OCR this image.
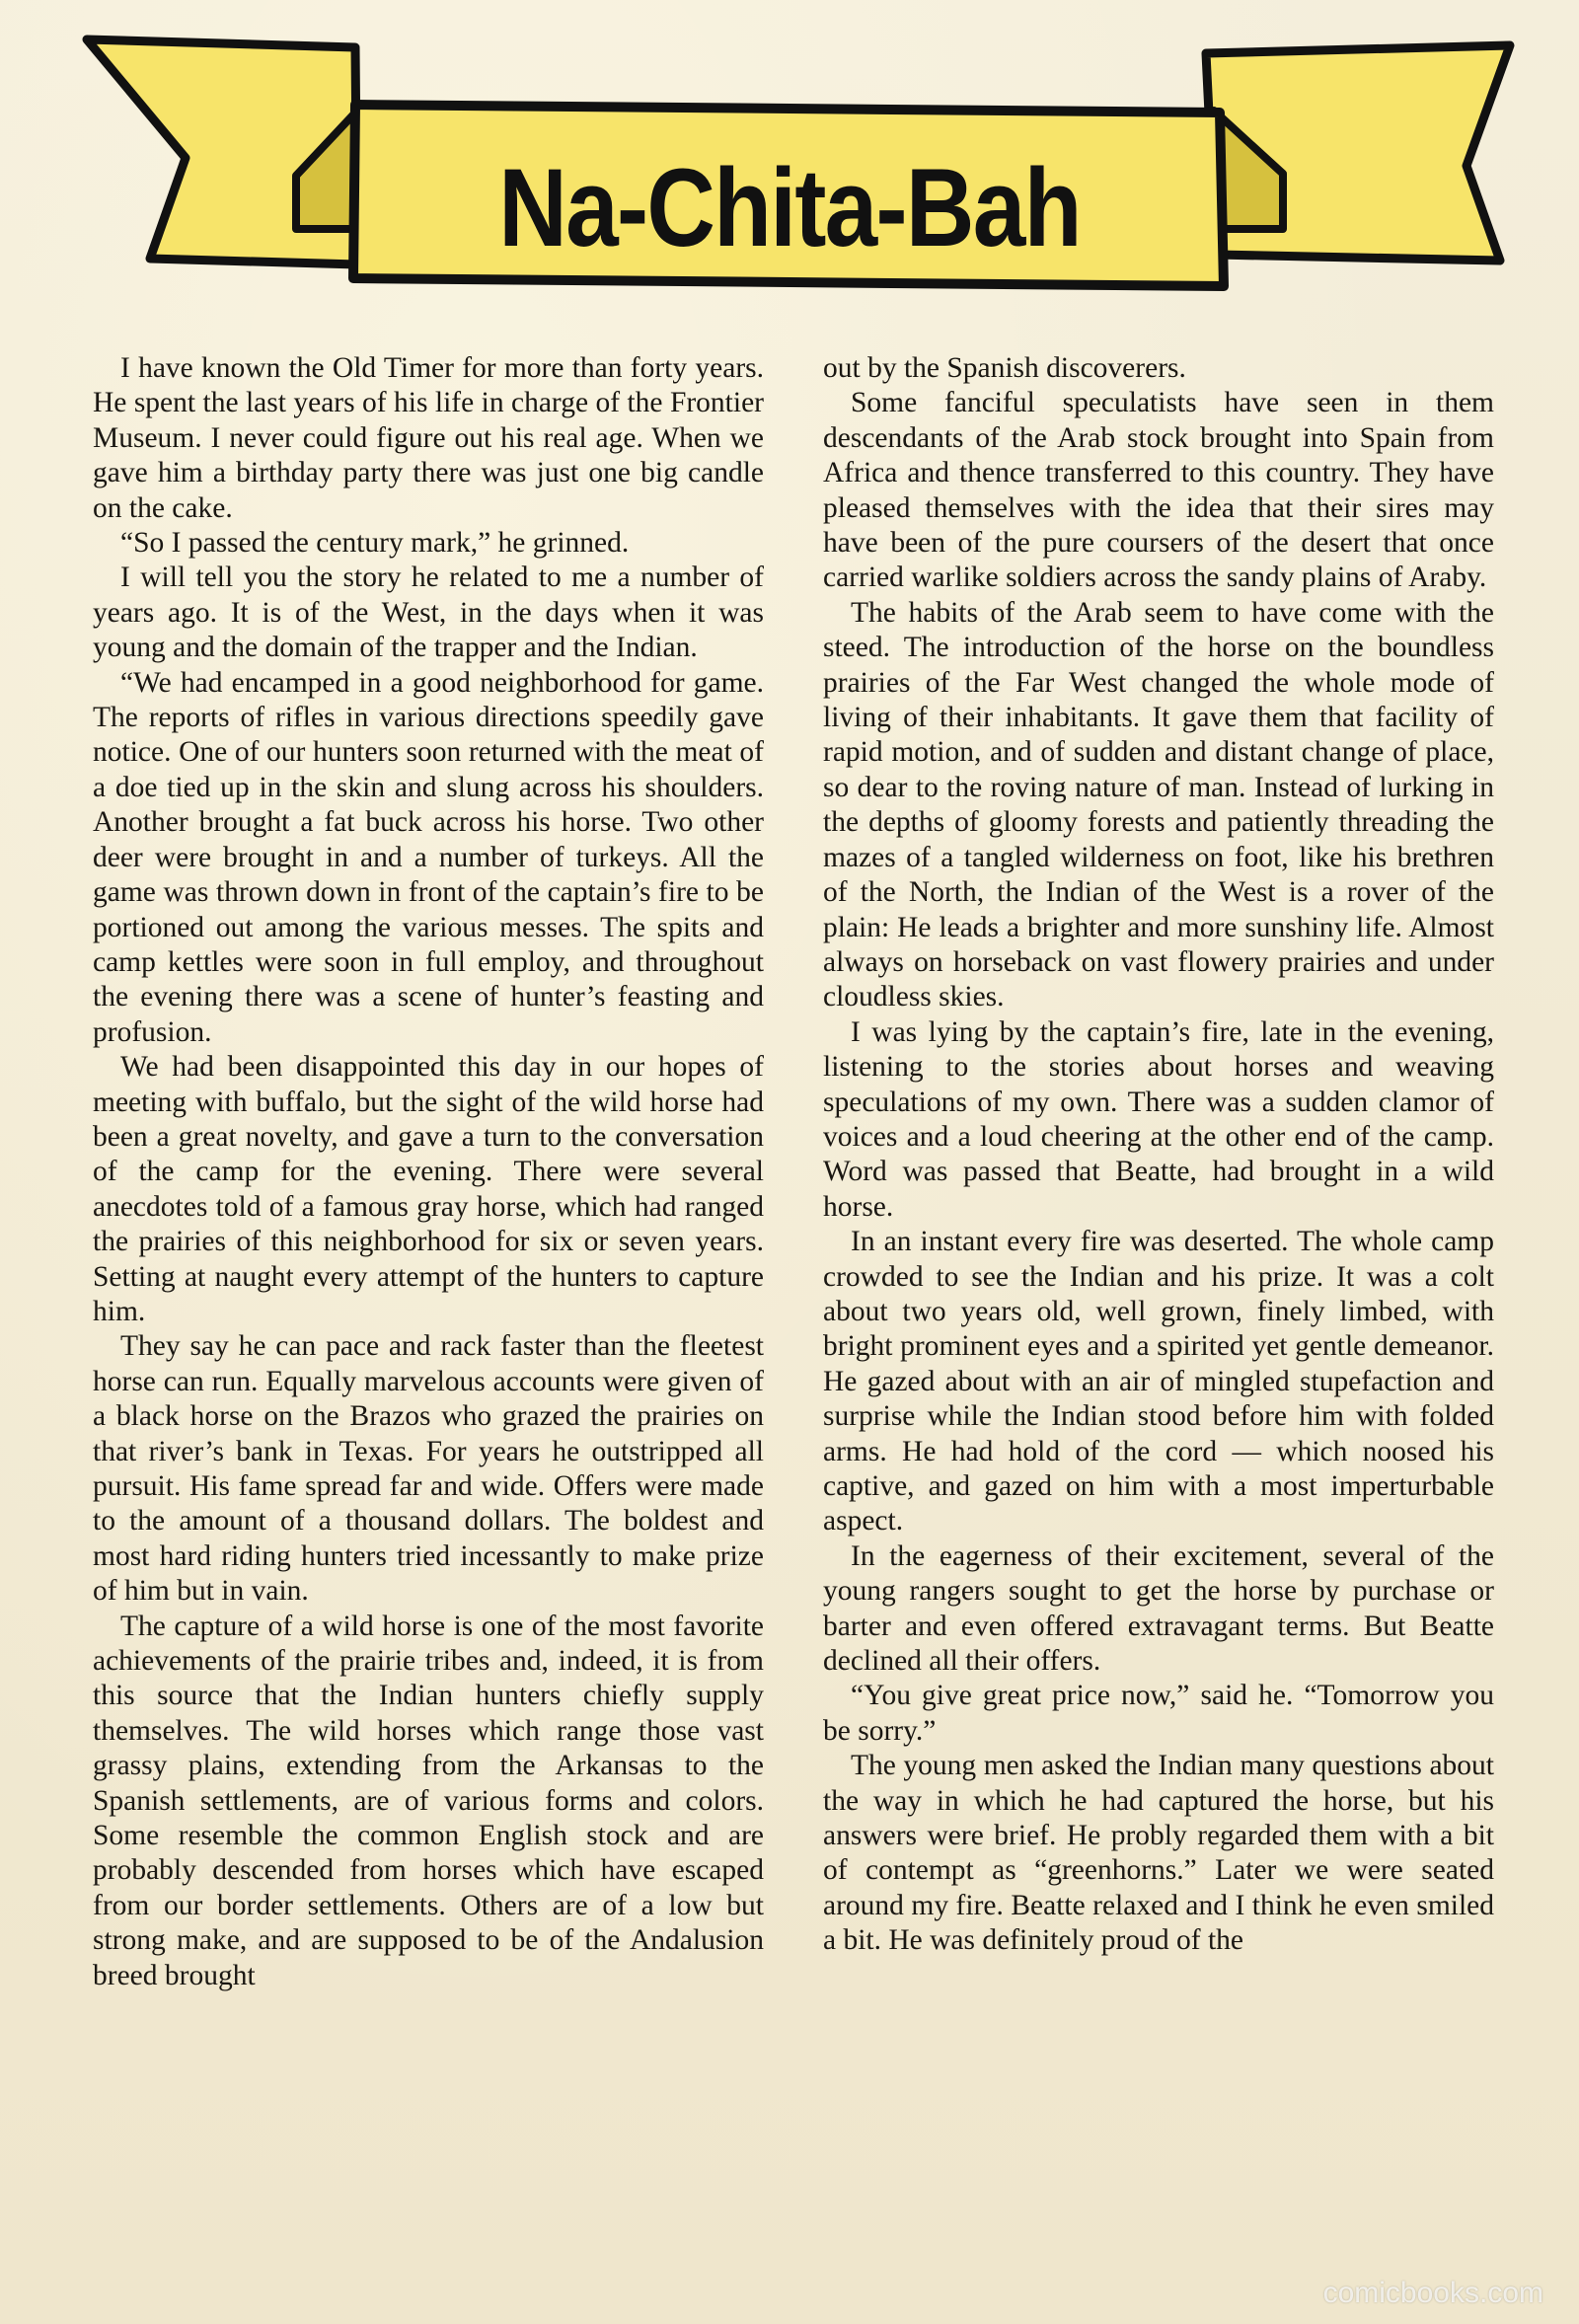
Na-Chita-Bah

I have known the Old Timer for more than forty years. He spent the last years of his life in charge of the Frontier Museum. I never could figure out his real age. When we gave him a birthday party there was just one big candle on the cake.

“So I passed the century mark,” he grinned.

I will tell you the story he related to me a number of years ago. It is of the West, in the days when it was young and the domain of the trapper and the Indian.

“We had encamped in a good neighborhood for game. The reports of rifles in various directions speedily gave notice. One of our hunters soon returned with the meat of a doe tied up in the skin and slung across his shoulders. Another brought a fat buck across his horse. Two other deer were brought in and a number of turkeys. All the game was thrown down in front of the captain’s fire to be portioned out among the various messes. The spits and camp kettles were soon in full employ, and throughout the evening there was a scene of hunter’s feasting and profusion.

We had been disappointed this day in our hopes of meeting with buffalo, but the sight of the wild horse had been a great novelty, and gave a turn to the conversation of the camp for the evening. There were several anecdotes told of a famous gray horse, which had ranged the prairies of this neighborhood for six or seven years. Setting at naught every attempt of the hunters to capture him.

They say he can pace and rack faster than the fleetest horse can run. Equally marvelous accounts were given of a black horse on the Brazos who grazed the prairies on that river’s bank in Texas. For years he outstripped all pursuit. His fame spread far and wide. Offers were made to the amount of a thousand dollars. The boldest and most hard riding hunters tried incessantly to make prize of him but in vain.

The capture of a wild horse is one of the most favorite achievements of the prairie tribes and, indeed, it is from this source that the Indian hunters chiefly supply themselves. The wild horses which range those vast grassy plains, extending from the Arkansas to the Spanish settlements, are of various forms and colors. Some resemble the common English stock and are probably descended from horses which have escaped from our border settlements. Others are of a low but strong make, and are supposed to be of the Andalusion breed brought

out by the Spanish discoverers.

Some fanciful speculatists have seen in them descendants of the Arab stock brought into Spain from Africa and thence transferred to this country. They have pleased themselves with the idea that their sires may have been of the pure coursers of the desert that once carried warlike soldiers across the sandy plains of Araby.

The habits of the Arab seem to have come with the steed. The introduction of the horse on the boundless prairies of the Far West changed the whole mode of living of their inhabitants. It gave them that facility of rapid motion, and of sudden and distant change of place, so dear to the roving nature of man. Instead of lurking in the depths of gloomy forests and patiently threading the mazes of a tangled wilderness on foot, like his brethren of the North, the Indian of the West is a rover of the plain: He leads a brighter and more sunshiny life. Almost always on horseback on vast flowery prairies and under cloudless skies.

I was lying by the captain’s fire, late in the evening, listening to the stories about horses and weaving speculations of my own. There was a sudden clamor of voices and a loud cheering at the other end of the camp. Word was passed that Beatte, had brought in a wild horse.

In an instant every fire was deserted. The whole camp crowded to see the Indian and his prize. It was a colt about two years old, well grown, finely limbed, with bright prominent eyes and a spirited yet gentle demeanor. He gazed about with an air of mingled stupefaction and surprise while the Indian stood before him with folded arms. He had hold of the cord — which noosed his captive, and gazed on him with a most imperturbable aspect.

In the eagerness of their excitement, several of the young rangers sought to get the horse by purchase or barter and even offered extravagant terms. But Beatte declined all their offers.

“You give great price now,” said he. “Tomorrow you be sorry.”

The young men asked the Indian many questions about the way in which he had captured the horse, but his answers were brief. He probly regarded them with a bit of contempt as “greenhorns.” Later we were seated around my fire. Beatte relaxed and I think he even smiled a bit. He was definitely proud of the

comicbooks.com
